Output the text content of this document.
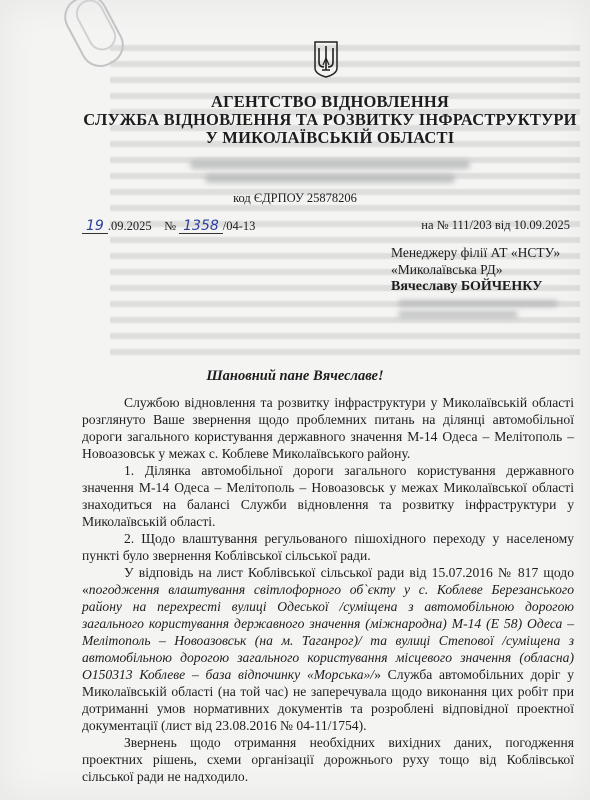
АГЕНТСТВО ВІДНОВЛЕННЯ
СЛУЖБА ВІДНОВЛЕННЯ ТА РОЗВИТКУ ІНФРАСТРУКТУРИ
У МИКОЛАЇВСЬКІЙ ОБЛАСТІ
код ЄДРПОУ 25878206
19 .09.2025 № 1358 /04-13	на № 111/203 від 10.09.2025
Менеджеру філії АТ «НСТУ»
«Миколаївська РД»
Вячеславу БОЙЧЕНКУ
Шановний пане Вячеславе!

Службою відновлення та розвитку інфраструктури у Миколаївській області розглянуто Ваше звернення щодо проблемних питань на ділянці автомобільної дороги загального користування державного значення М-14 Одеса – Мелітополь – Новоазовськ у межах с. Коблеве Миколаївського району.

1. Ділянка автомобільної дороги загального користування державного значення М-14 Одеса – Мелітополь – Новоазовськ у межах Миколаївської області знаходиться на балансі Служби відновлення та розвитку інфраструктури у Миколаївській області.

2. Щодо влаштування регульованого пішохідного переходу у населеному пункті було звернення Коблівської сільської ради.

У відповідь на лист Коблівської сільської ради від 15.07.2016 № 817 щодо «погодження влаштування світлофорного об`єкту у с. Коблеве Березанського району на перехресті вулиці Одеської /суміщена з автомобільною дорогою загального користування державного значення (міжнародна) М-14 (Е 58) Одеса – Мелітополь – Новоазовськ (на м. Таганрог)/ та вулиці Степової /суміщена з автомобільною дорогою загального користування місцевого значення (обласна) О150313 Коблеве – база відпочинку «Морська»/» Служба автомобільних доріг у Миколаївській області (на той час) не заперечувала щодо виконання цих робіт при дотриманні умов нормативних документів та розроблені відповідної проектної документації (лист від 23.08.2016 № 04-11/1754).

Звернень щодо отримання необхідних вихідних даних, погодження проектних рішень, схеми організації дорожнього руху тощо від Коблівської сільської ради не надходило.
